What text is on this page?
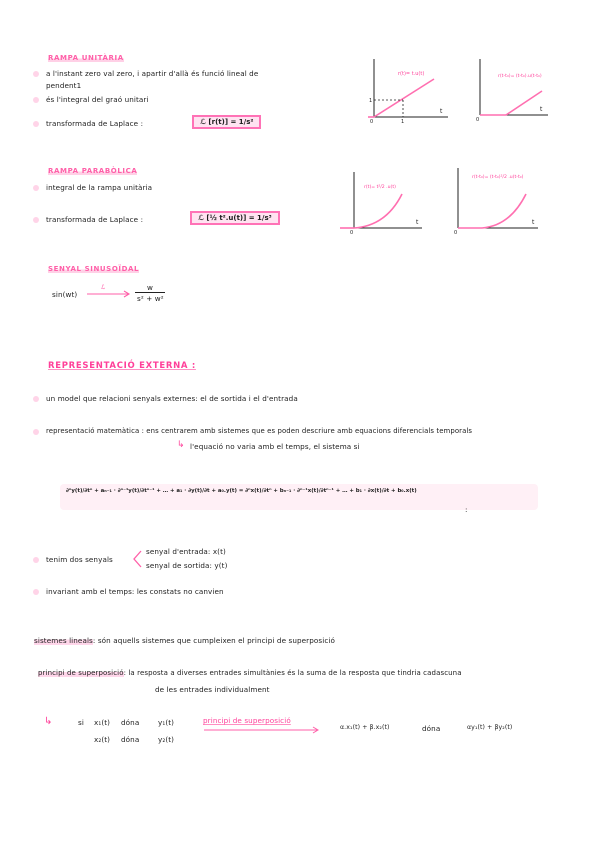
RAMPA UNITÀRIA
a l'instant zero val zero, i apartir d'allà és funció lineal de
pendent1
és l'integral del graó unitari
transformada de Laplace :	ℒ [r(t)] = 1/s²
r(t)= t.u(t)
1
1
0
t
r(t-t₀)= (t-t₀).u(t-t₀)
0
t
RAMPA PARABÒLICA
integral de la rampa unitària
transformada de Laplace :	ℒ [½ t².u(t)] = 1/s³
r(t)= t²/2 .u(t)
0
t
r(t-t₀)= (t-t₀)²/2 .u(t-t₀)
0
t
SENYAL SINUSOÏDAL
sin(wt)
ℒ	w
s² + w²
REPRESENTACIÓ EXTERNA :
un model que relacioni senyals externes: el de sortida i el d'entrada
representació matemàtica : ens centrarem amb sistemes que es poden descriure amb equacions diferencials temporals
↳ l'equació no varia amb el temps, el sistema si
∂ⁿy(t)/∂tⁿ + aₙ₋₁ · ∂ⁿ⁻¹y(t)/∂tⁿ⁻¹ + … + a₁ · ∂y(t)/∂t + a₀.y(t) = ∂ⁿx(t)/∂tⁿ + bₙ₋₁ · ∂ⁿ⁻¹x(t)/∂tⁿ⁻¹ + … + b₁ · ∂x(t)/∂t + b₀.x(t)
:
tenim dos senyals
senyal d'entrada: x(t)
senyal de sortida: y(t)
invariant amb el temps: les constats no canvien
sistemes lineals: són aquells sistemes que cumpleixen el principi de superposició
principi de superposició: la resposta a diverses entrades simultànies és la suma de la resposta que tindria cadascuna
de les entrades individualment
↳	si x₁(t) dóna	y₁(t)
x₂(t) dóna	y₂(t)
principi de superposició
α.x₁(t) + β.x₂(t)	dóna	αy₁(t) + βy₂(t)
